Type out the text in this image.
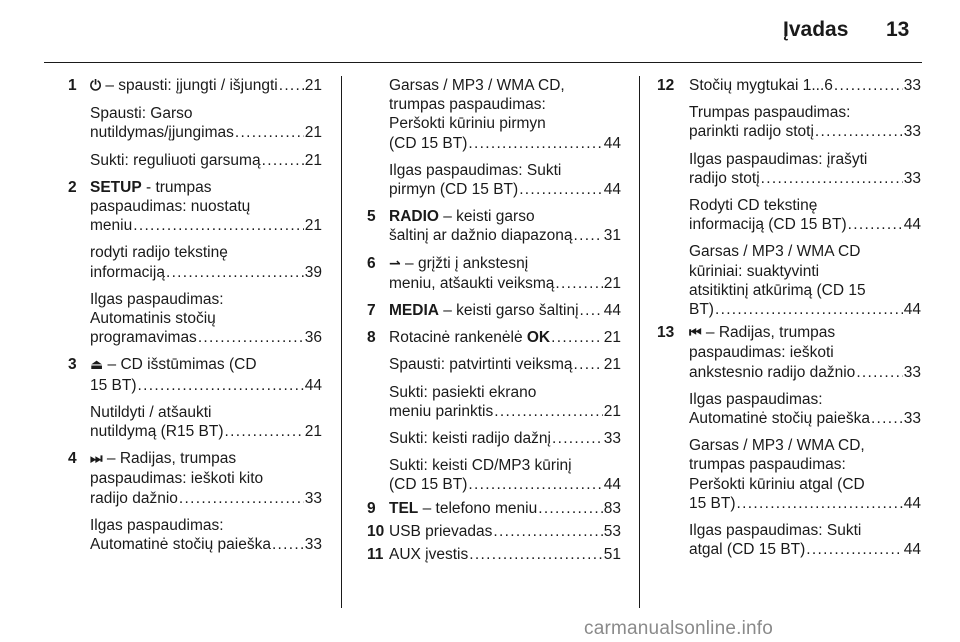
Įvadas 13
1 ⏻ – spausti: įjungti / išjungti . . . 21
Spausti: Garso
nutildymas/įjungimas . . .	21
Sukti: reguliuoti garsumą . . .	21
2 SETUP - trumpas
paspaudimas: nuostatų
meniu . . .	21
rodyti radijo tekstinę
informaciją . . .	39
Ilgas paspaudimas:
Automatinis stočių
programavimas . . .	36
3 ⏏ – CD išstūmimas (CD
15 BT) . . .	44
Nutildyti / atšaukti
nutildymą (R15 BT) . . .	21
4 ⏭ – Radijas, trumpas
paspaudimas: ieškoti kito
radijo dažnio . . .	33
Ilgas paspaudimas:
Automatinė stočių paieška . . . 33
Garsas / MP3 / WMA CD,
trumpas paspaudimas:
Peršokti kūriniu pirmyn
(CD 15 BT) . . .	44
Ilgas paspaudimas: Sukti
pirmyn (CD 15 BT) . . .	44
5 RADIO – keisti garso
šaltinį ar dažnio diapazoną . . . 31
6 ⇀ – grįžti į ankstesnį
meniu, atšaukti veiksmą . . .	21
7 MEDIA – keisti garso šaltinį . . . 44
8 Rotacinė rankenėlė OK . . .	21
Spausti: patvirtinti veiksmą . . . 21
Sukti: pasiekti ekrano
meniu parinktis . . .	21
Sukti: keisti radijo dažnį . . .	33
Sukti: keisti CD/MP3 kūrinį
(CD 15 BT) . . .	44
9 TEL – telefono meniu . . .	83
10 USB prievadas . . .	53
11 AUX įvestis . . .	51
12 Stočių mygtukai 1...6 . . .	33
Trumpas paspaudimas:
parinkti radijo stotį . . .	33
Ilgas paspaudimas: įrašyti
radijo stotį . . .	33
Rodyti CD tekstinę
informaciją (CD 15 BT) . . .	44
Garsas / MP3 / WMA CD
kūriniai: suaktyvinti
atsitiktinį atkūrimą (CD 15
BT) . . .	44
13 ⏮ – Radijas, trumpas
paspaudimas: ieškoti
ankstesnio radijo dažnio . . .	33
Ilgas paspaudimas:
Automatinė stočių paieška . . . 33
Garsas / MP3 / WMA CD,
trumpas paspaudimas:
Peršokti kūriniu atgal (CD
15 BT) . . .	44
Ilgas paspaudimas: Sukti
atgal (CD 15 BT) . . .	44
carmanualsonline.info
